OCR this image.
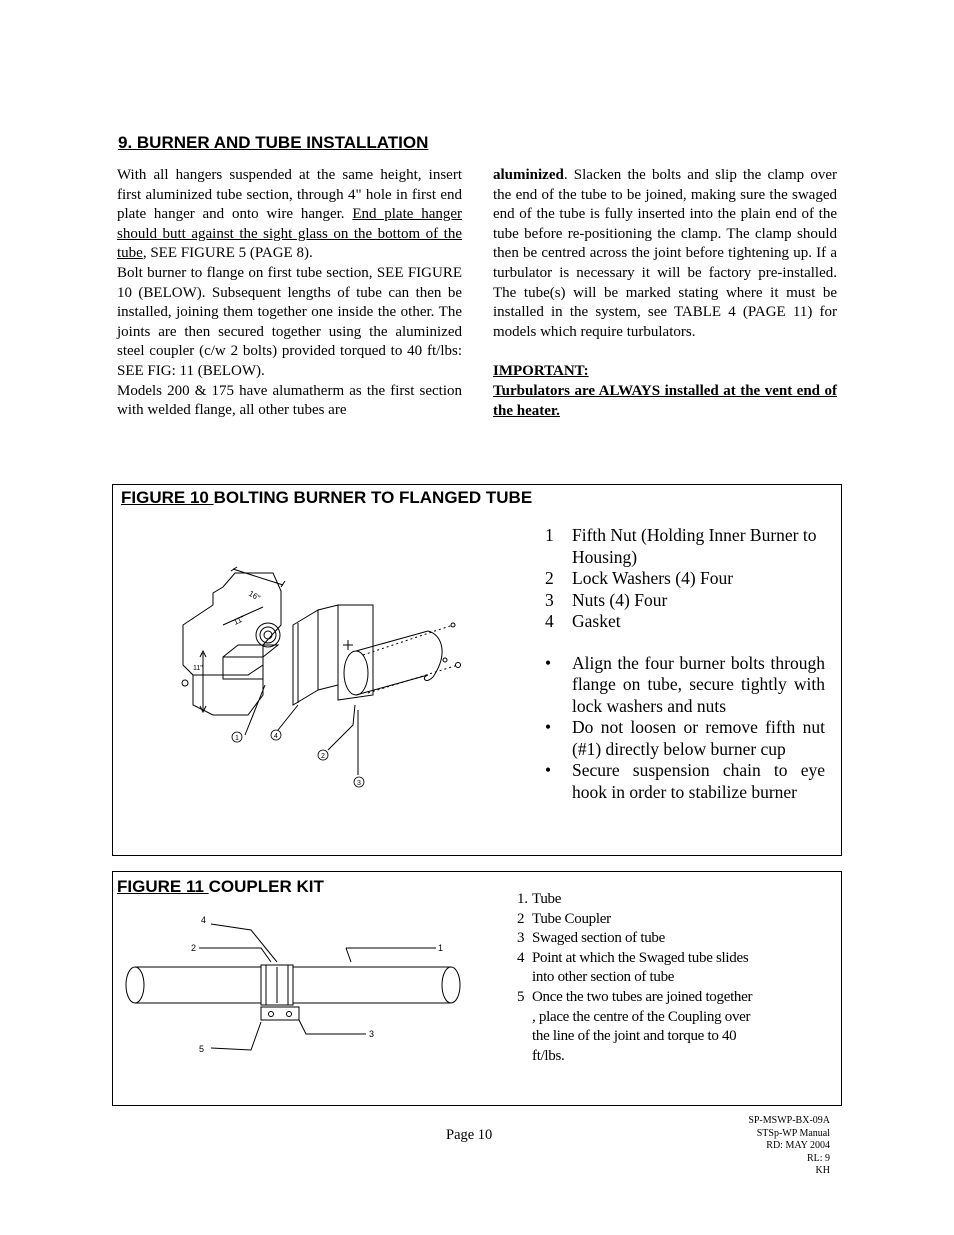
9. BURNER AND TUBE INSTALLATION

With all hangers suspended at the same height, insert first aluminized tube section, through 4" hole in first end plate hanger and onto wire hanger. End plate hanger should butt against the sight glass on the bottom of the tube, SEE FIGURE 5 (PAGE 8).

Bolt burner to flange on first tube section, SEE FIGURE 10 (BELOW). Subsequent lengths of tube can then be installed, joining them together one inside the other. The joints are then secured together using the aluminized steel coupler (c/w 2 bolts) provided torqued to 40 ft/lbs: SEE FIG: 11 (BELOW).

Models 200 & 175 have alumatherm as the first section with welded flange, all other tubes are

aluminized. Slacken the bolts and slip the clamp over the end of the tube to be joined, making sure the swaged end of the tube is fully inserted into the plain end of the tube before re-positioning the clamp. The clamp should then be centred across the joint before tightening up. If a turbulator is necessary it will be factory pre-installed. The tube(s) will be marked stating where it must be installed in the system, see TABLE 4 (PAGE 11) for models which require turbulators.

IMPORTANT:

Turbulators are ALWAYS installed at the vent end of the heater.

FIGURE 10 BOLTING BURNER TO FLANGED TUBE
16"
11"
11"
1	4
2
3
1	Fifth Nut (Holding Inner Burner to Housing)
2	Lock Washers (4) Four
3	Nuts (4) Four
4	Gasket
•	Align the four burner bolts through flange on tube, secure tightly with lock washers and nuts
•	Do not loosen or remove fifth nut (#1) directly below burner cup
•	Secure suspension chain to eye hook in order to stabilize burner
FIGURE 11 COUPLER KIT
4
2	1
3
5
1. Tube
2 Tube Coupler
3 Swaged section of tube
4 Point at which the Swaged tube slides into other section of tube
5 Once the two tubes are joined together , place the centre of the Coupling over the line of the joint and torque to 40 ft/lbs.
Page 10
SP-MSWP-BX-09A
STSp-WP Manual
RD: MAY 2004
RL: 9
KH
